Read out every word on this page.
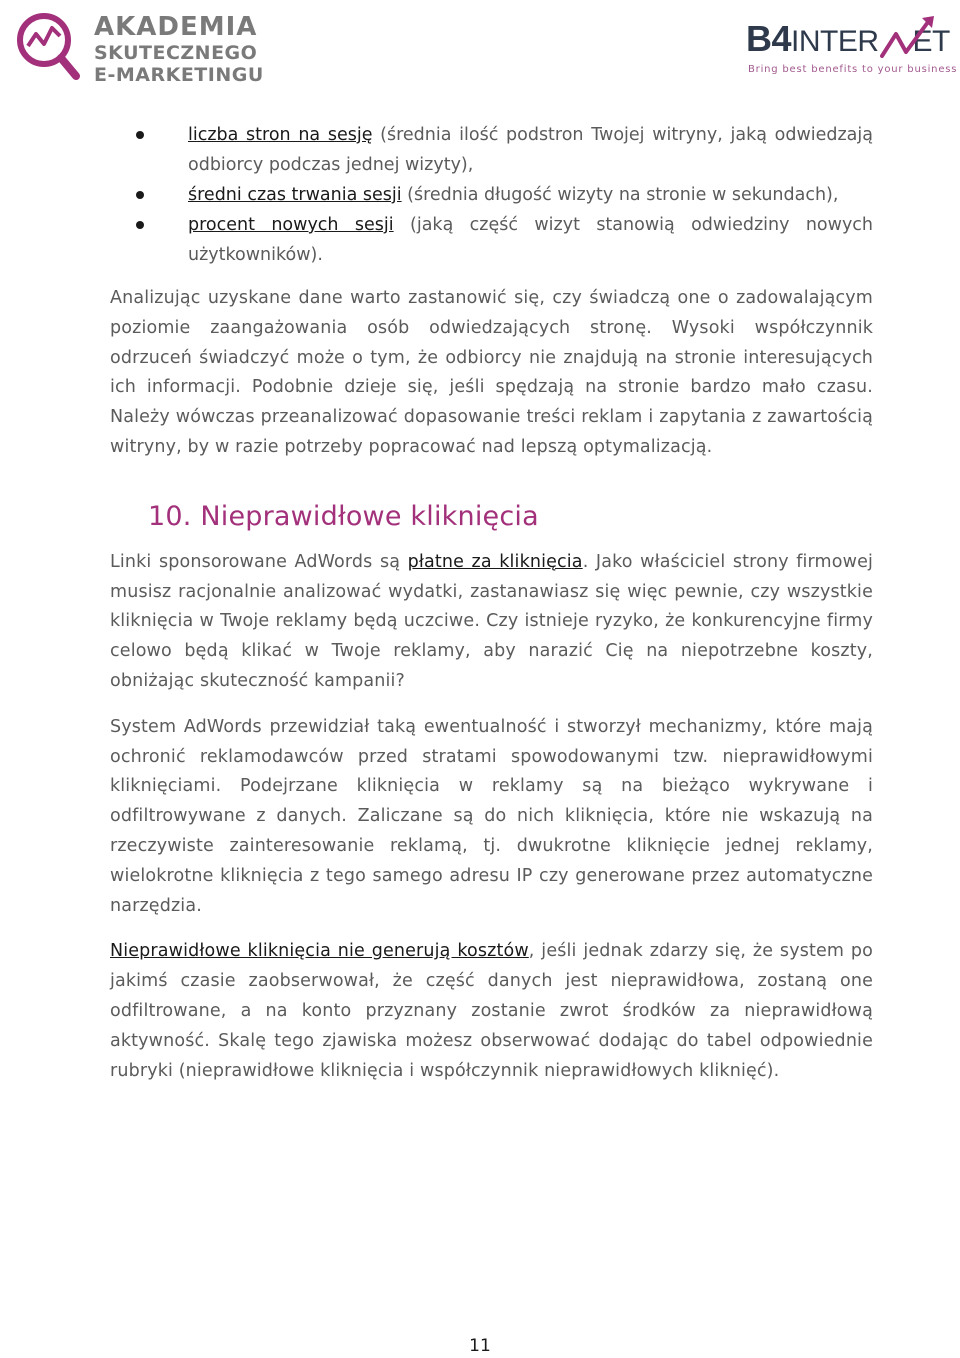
AKADEMIA
SKUTECZNEGO
E-MARKETINGU
B4INTER ET
Bring best benefits to your business
liczba stron na sesję (średnia ilość podstron Twojej witryny, jaką odwiedzają odbiorcy podczas jednej wizyty),
średni czas trwania sesji (średnia długość wizyty na stronie w sekundach),
procent nowych sesji (jaką część wizyt stanowią odwiedziny nowych użytkowników).

Analizując uzyskane dane warto zastanowić się, czy świadczą one o zadowalającym poziomie zaangażowania osób odwiedzających stronę. Wysoki współczynnik odrzuceń świadczyć może o tym, że odbiorcy nie znajdują na stronie interesujących ich informacji. Podobnie dzieje się, jeśli spędzają na stronie bardzo mało czasu. Należy wówczas przeanalizować dopasowanie treści reklam i zapytania z zawartością witryny, by w razie potrzeby popracować nad lepszą optymalizacją.

10. Nieprawidłowe kliknięcia

Linki sponsorowane AdWords są płatne za kliknięcia. Jako właściciel strony firmowej musisz racjonalnie analizować wydatki, zastanawiasz się więc pewnie, czy wszystkie kliknięcia w Twoje reklamy będą uczciwe. Czy istnieje ryzyko, że konkurencyjne firmy celowo będą klikać w Twoje reklamy, aby narazić Cię na niepotrzebne koszty, obniżając skuteczność kampanii?

System AdWords przewidział taką ewentualność i stworzył mechanizmy, które mają ochronić reklamodawców przed stratami spowodowanymi tzw. nieprawidłowymi kliknięciami. Podejrzane kliknięcia w reklamy są na bieżąco wykrywane i odfiltrowywane z danych. Zaliczane są do nich kliknięcia, które nie wskazują na rzeczywiste zainteresowanie reklamą, tj. dwukrotne kliknięcie jednej reklamy, wielokrotne kliknięcia z tego samego adresu IP czy generowane przez automatyczne narzędzia.

Nieprawidłowe kliknięcia nie generują kosztów, jeśli jednak zdarzy się, że system po jakimś czasie zaobserwował, że część danych jest nieprawidłowa, zostaną one odfiltrowane, a na konto przyznany zostanie zwrot środków za nieprawidłową aktywność. Skalę tego zjawiska możesz obserwować dodając do tabel odpowiednie rubryki (nieprawidłowe kliknięcia i współczynnik nieprawidłowych kliknięć).

11
